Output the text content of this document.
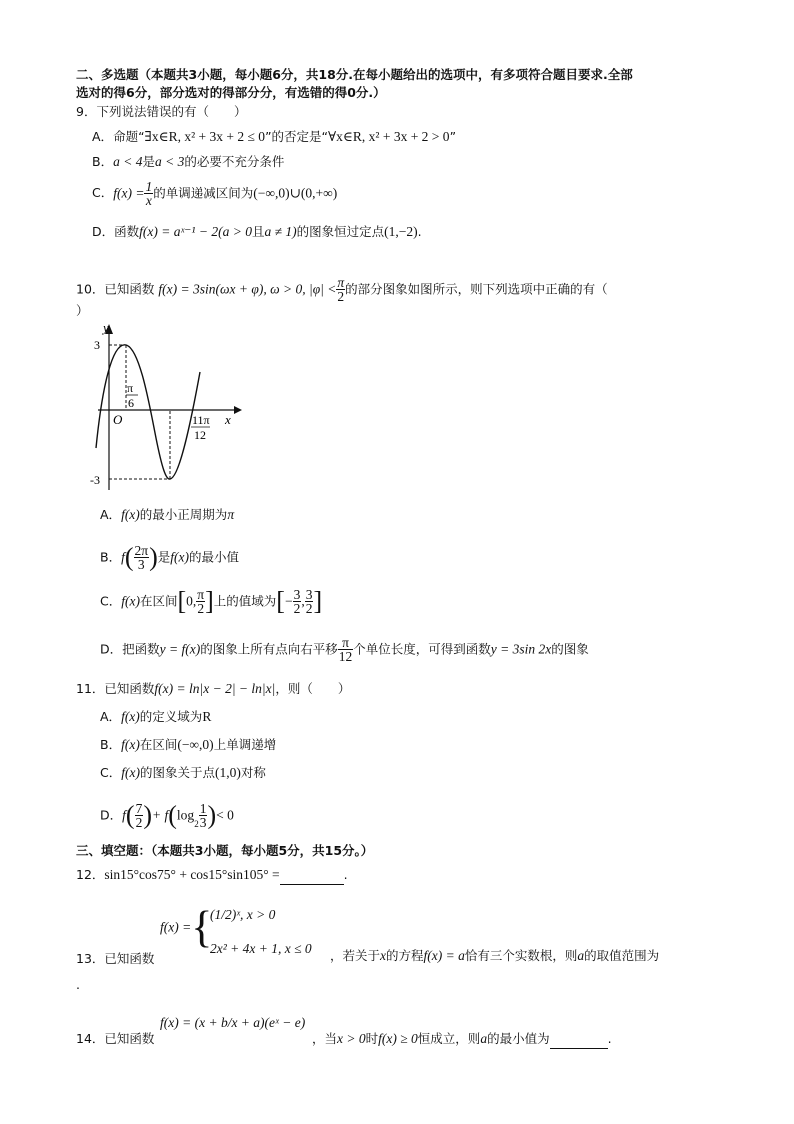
二、多选题（本题共3小题，每小题6分，共18分.在每小题给出的选项中，有多项符合题目要求.全部
选对的得6分，部分选对的得部分分，有选错的得0分.）
9．下列说法错误的有（　　）
A．命题“∃x∈R, x² + 3x + 2 ≤ 0”的否定是“∀x∈R, x² + 3x + 2 > 0”
B．a < 4是a < 3的必要不充分条件
C．$f(x) = \frac{1}{x}$ 的单调递减区间为(−∞,0)∪(0,+∞)
D．函数f(x) = aˣ⁻¹ − 2(a > 0且a ≠ 1)的图象恒过定点(1,−2).
10．已知函数 f(x) = 3sin(ωx + φ), ω > 0, $|\varphi| < \frac{\pi}{2}$ 的部分图象如图所示，则下列选项中正确的有（
）
y
x
O
3
-3
π
6
11π
12
A．f(x)的最小正周期为π
B．$f( \frac{2\pi}{3}$ )是f(x)的最小值
C．f(x)在区间[0, $\frac{\pi}{2}$ ]上的值域为[− $\frac{3}{2}$ , $\frac{3}{2}$ ]
D．把函数y = f(x)的图象上所有点向右平移 $\frac{\pi}{12}$ 个单位长度，可得到函数y = 3sin 2x的图象
11．已知函数f(x) = ln|x − 2| − ln|x|，则（　　）
A．f(x)的定义域为R
B．f(x)在区间(−∞,0)上单调递增
C．f(x)的图象关于点(1,0)对称
D．$f( \frac{7}{2}$ )+ $f(\log_2 \frac{1}{3}$ )< 0
三、填空题：（本题共3小题，每小题5分，共15分。）
12．sin15°cos75° + cos15°sin105° =	.
f(x) ={
(1/2)ˣ, x > 0
2x² + 4x + 1, x ≤ 0
13．已知函数	，若关于x的方程f(x) = a恰有三个实数根，则a的取值范围为
.
14．已知函数
f(x) = (x + b/x + a)(eˣ − e)
，当x > 0时f(x) ≥ 0恒成立，则a的最小值为	.
